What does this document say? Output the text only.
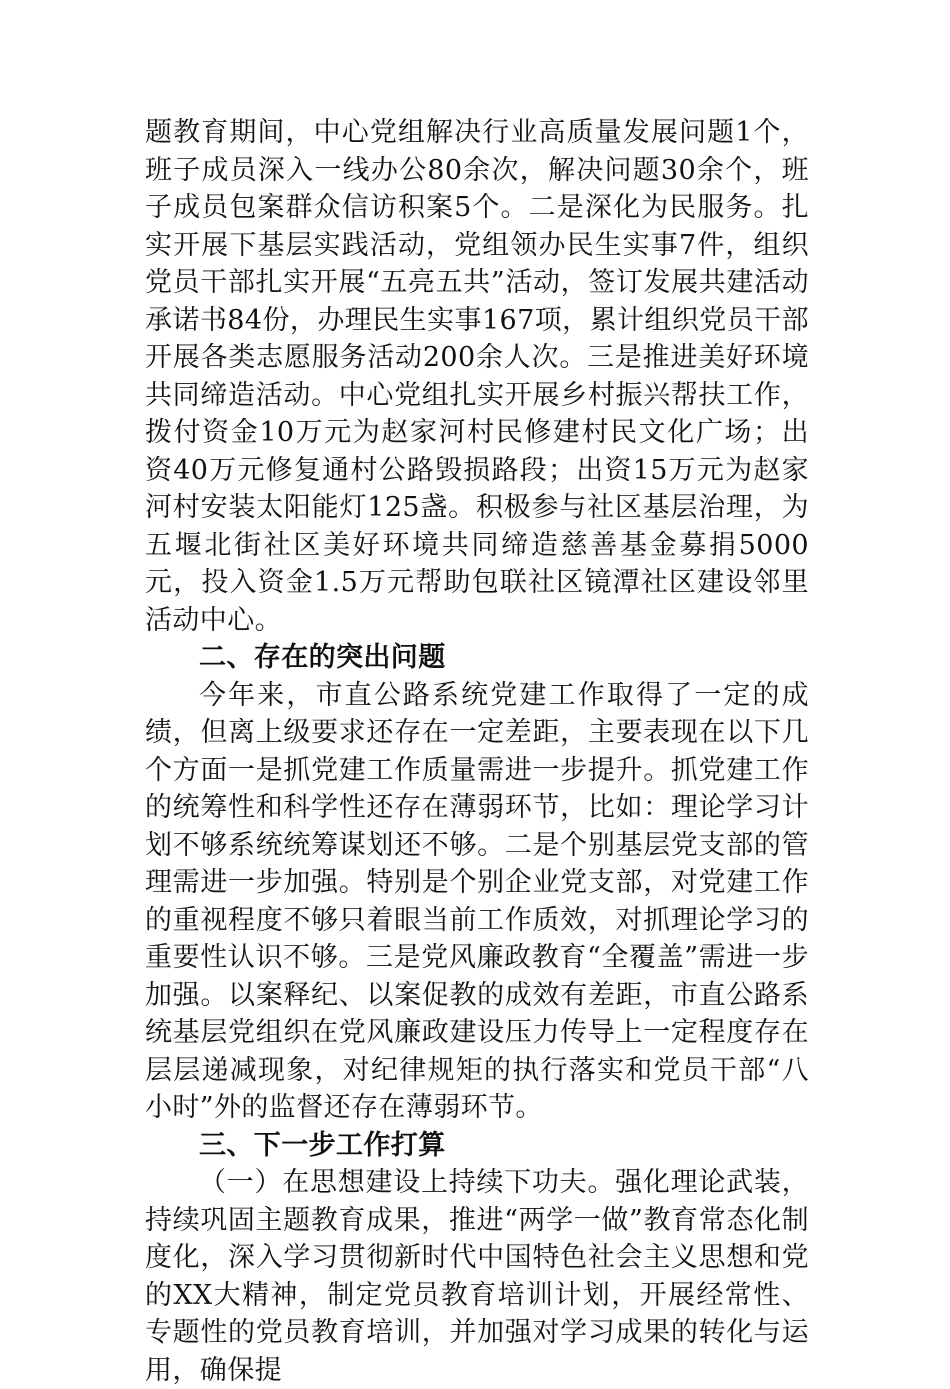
题教育期间，中心党组解决行业高质量发展问题1个，班子成员深入一线办公80余次，解决问题30余个，班子成员包案群众信访积案5个。二是深化为民服务。扎实开展下基层实践活动，党组领办民生实事7件，组织党员干部扎实开展“五亮五共”活动，签订发展共建活动承诺书84份，办理民生实事167项，累计组织党员干部开展各类志愿服务活动200余人次。三是推进美好环境共同缔造活动。中心党组扎实开展乡村振兴帮扶工作，拨付资金10万元为赵家河村民修建村民文化广场；出资40万元修复通村公路毁损路段；出资15万元为赵家河村安装太阳能灯125盏。积极参与社区基层治理，为五堰北街社区美好环境共同缔造慈善基金募捐5000元，投入资金1.5万元帮助包联社区镜潭社区建设邻里活动中心。

二、存在的突出问题

今年来，市直公路系统党建工作取得了一定的成绩，但离上级要求还存在一定差距，主要表现在以下几个方面一是抓党建工作质量需进一步提升。抓党建工作的统筹性和科学性还存在薄弱环节，比如：理论学习计划不够系统统筹谋划还不够。二是个别基层党支部的管理需进一步加强。特别是个别企业党支部，对党建工作的重视程度不够只着眼当前工作质效，对抓理论学习的重要性认识不够。三是党风廉政教育“全覆盖”需进一步加强。以案释纪、以案促教的成效有差距，市直公路系统基层党组织在党风廉政建设压力传导上一定程度存在层层递减现象，对纪律规矩的执行落实和党员干部“八小时”外的监督还存在薄弱环节。

三、下一步工作打算

（一）在思想建设上持续下功夫。强化理论武装，持续巩固主题教育成果，推进“两学一做”教育常态化制度化，深入学习贯彻新时代中国特色社会主义思想和党的XX大精神，制定党员教育培训计划，开展经常性、专题性的党员教育培训，并加强对学习成果的转化与运用，确保提
